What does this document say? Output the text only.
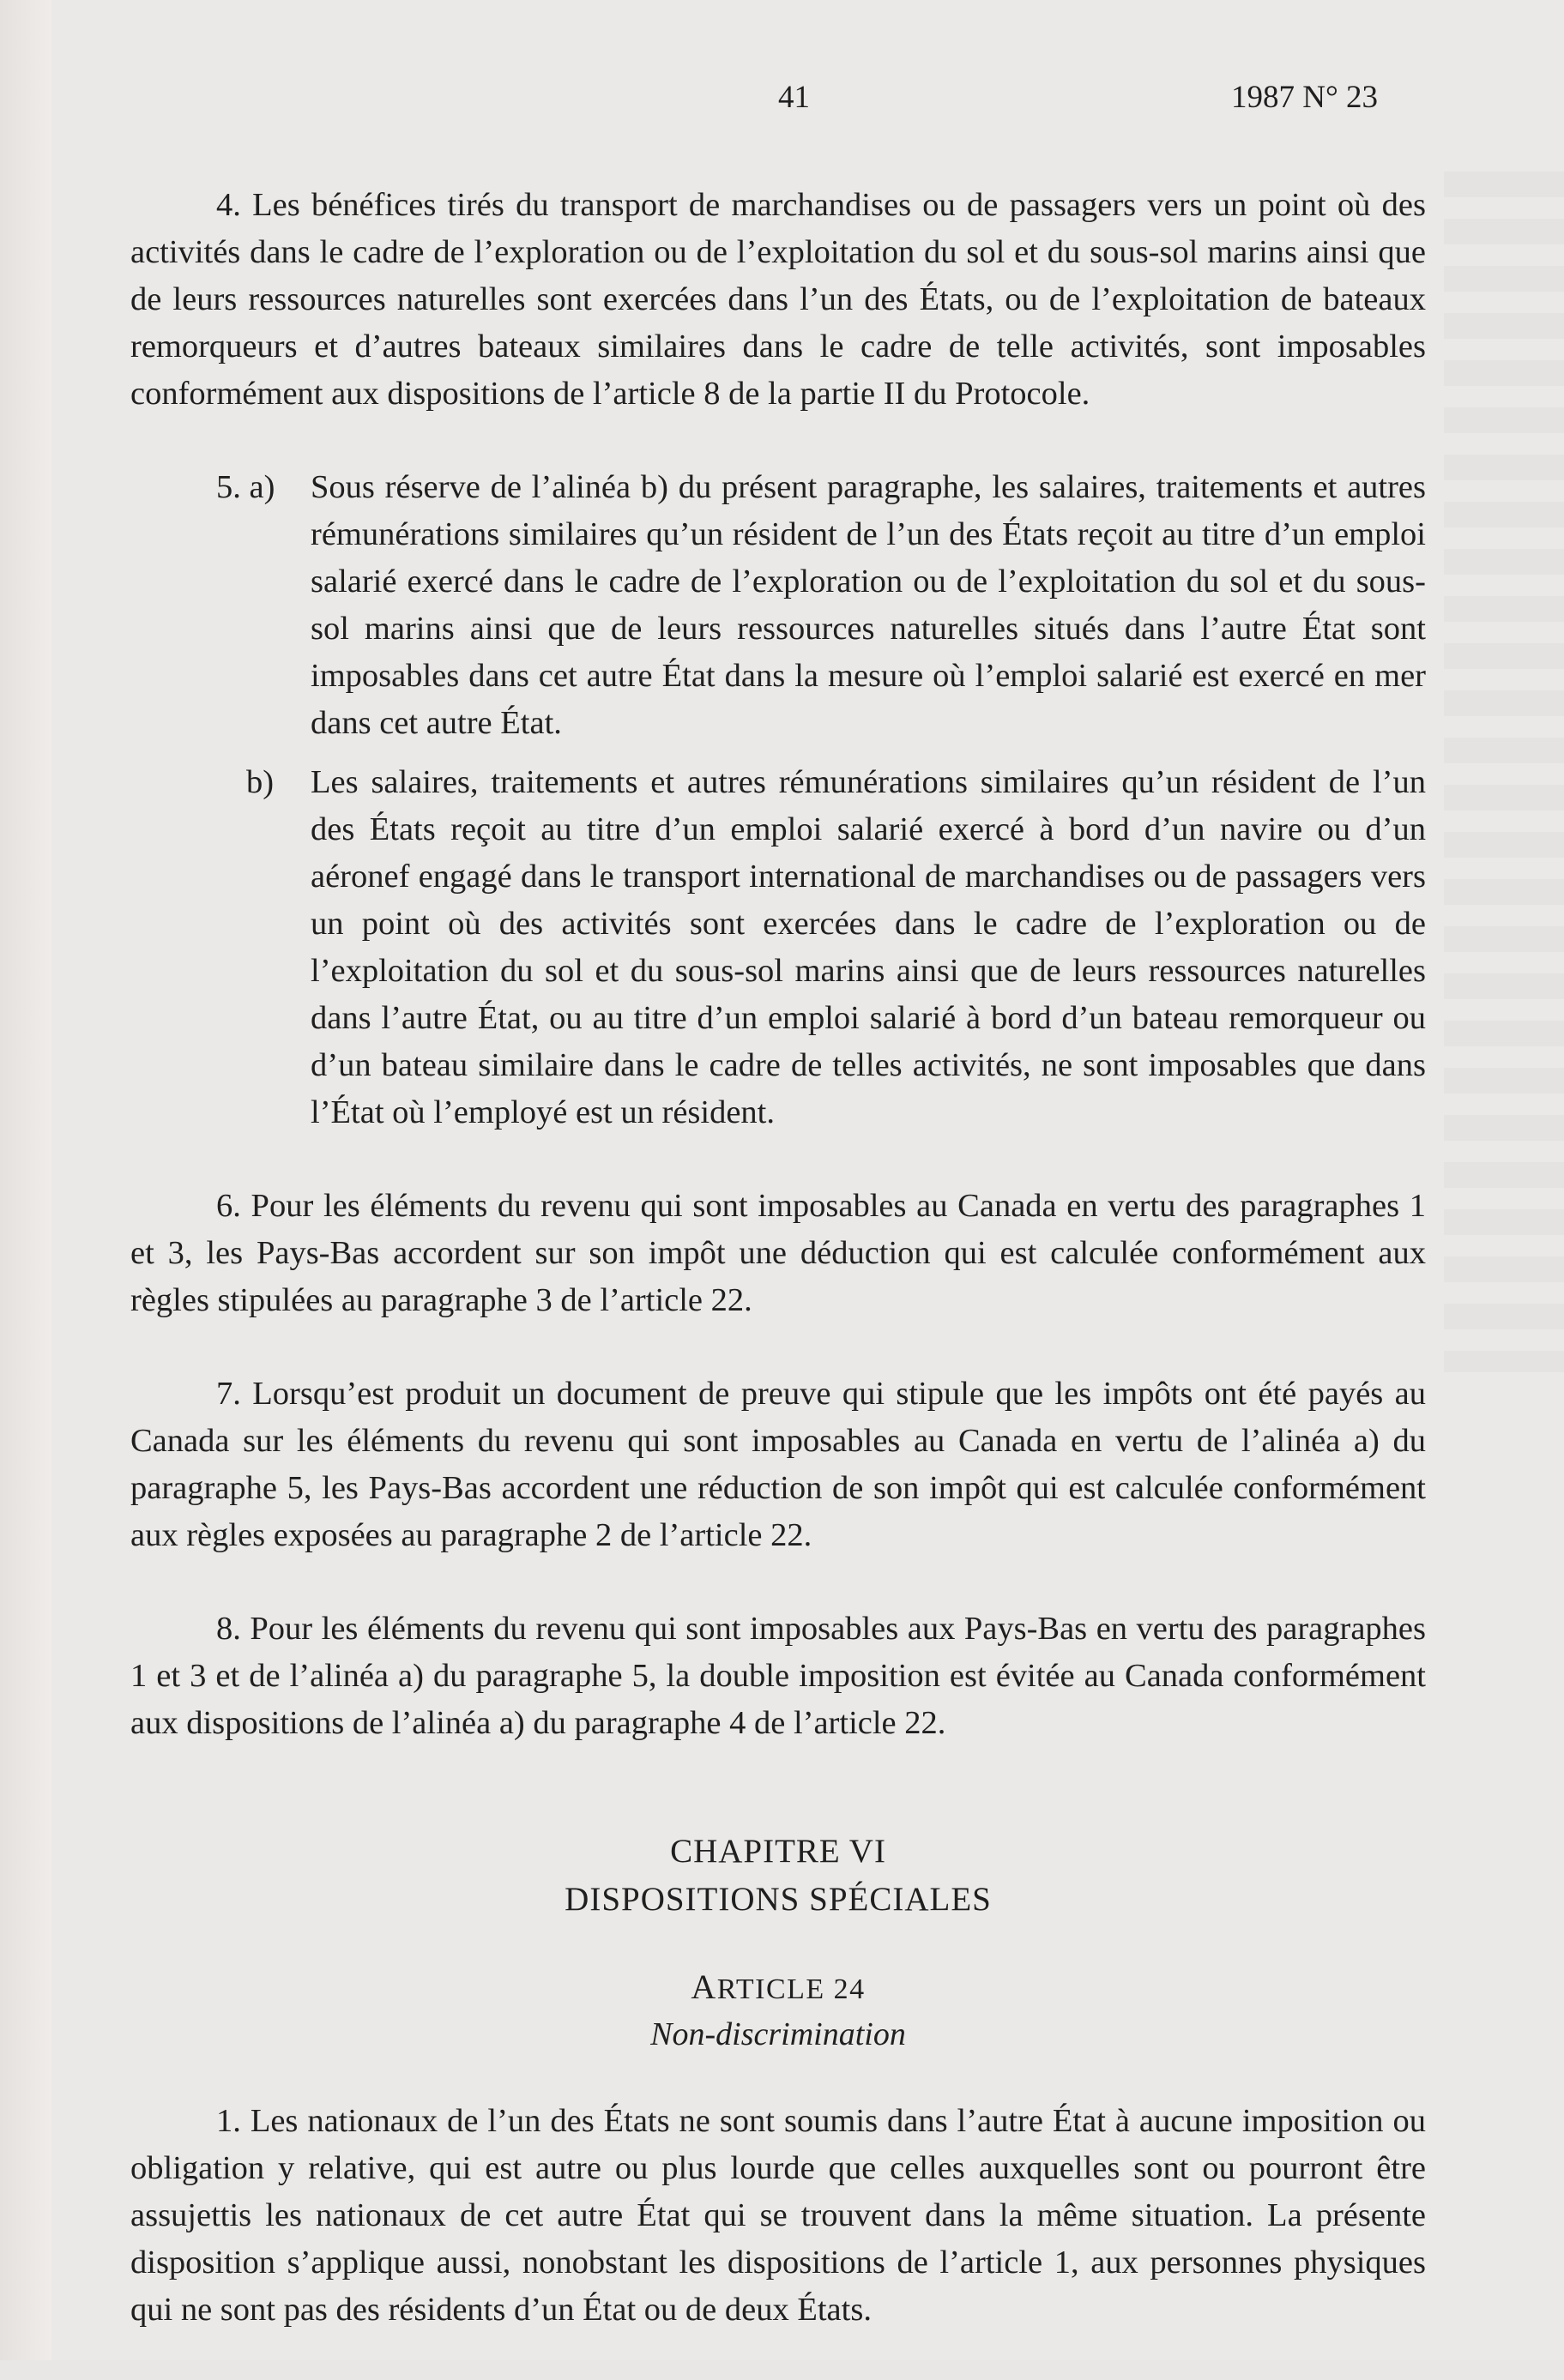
41	1987 N° 23

4. Les bénéfices tirés du transport de marchandises ou de passagers vers un point où des activités dans le cadre de l’exploration ou de l’exploitation du sol et du sous-sol marins ainsi que de leurs ressources naturelles sont exercées dans l’un des États, ou de l’exploitation de bateaux remorqueurs et d’autres bateaux similaires dans le cadre de telle activités, sont imposables conformément aux dispositions de l’article 8 de la partie II du Protocole.

5. a)	Sous réserve de l’alinéa b) du présent paragraphe, les salaires, traitements et autres rémunérations similaires qu’un résident de l’un des États reçoit au titre d’un emploi salarié exercé dans le cadre de l’exploration ou de l’exploitation du sol et du sous-sol marins ainsi que de leurs ressources naturelles situés dans l’autre État sont imposables dans cet autre État dans la mesure où l’emploi salarié est exercé en mer dans cet autre État.

b)	Les salaires, traitements et autres rémunérations similaires qu’un résident de l’un des États reçoit au titre d’un emploi salarié exercé à bord d’un navire ou d’un aéronef engagé dans le transport international de marchandises ou de passagers vers un point où des activités sont exercées dans le cadre de l’exploration ou de l’exploitation du sol et du sous-sol marins ainsi que de leurs ressources naturelles dans l’autre État, ou au titre d’un emploi salarié à bord d’un bateau remorqueur ou d’un bateau similaire dans le cadre de telles activités, ne sont imposables que dans l’État où l’employé est un résident.

6. Pour les éléments du revenu qui sont imposables au Canada en vertu des paragraphes 1 et 3, les Pays-Bas accordent sur son impôt une déduction qui est calculée conformément aux règles stipulées au paragraphe 3 de l’article 22.

7. Lorsqu’est produit un document de preuve qui stipule que les impôts ont été payés au Canada sur les éléments du revenu qui sont imposables au Canada en vertu de l’alinéa a) du paragraphe 5, les Pays-Bas accordent une réduction de son impôt qui est calculée conformément aux règles exposées au paragraphe 2 de l’article 22.

8. Pour les éléments du revenu qui sont imposables aux Pays-Bas en vertu des paragraphes 1 et 3 et de l’alinéa a) du paragraphe 5, la double imposition est évitée au Canada conformément aux dispositions de l’alinéa a) du paragraphe 4 de l’article 22.

CHAPITRE VI

DISPOSITIONS SPÉCIALES

ARTICLE 24

Non-discrimination

1. Les nationaux de l’un des États ne sont soumis dans l’autre État à aucune imposition ou obligation y relative, qui est autre ou plus lourde que celles auxquelles sont ou pourront être assujettis les nationaux de cet autre État qui se trouvent dans la même situation. La présente disposition s’applique aussi, nonobstant les dispositions de l’article 1, aux personnes physiques qui ne sont pas des résidents d’un État ou de deux États.
